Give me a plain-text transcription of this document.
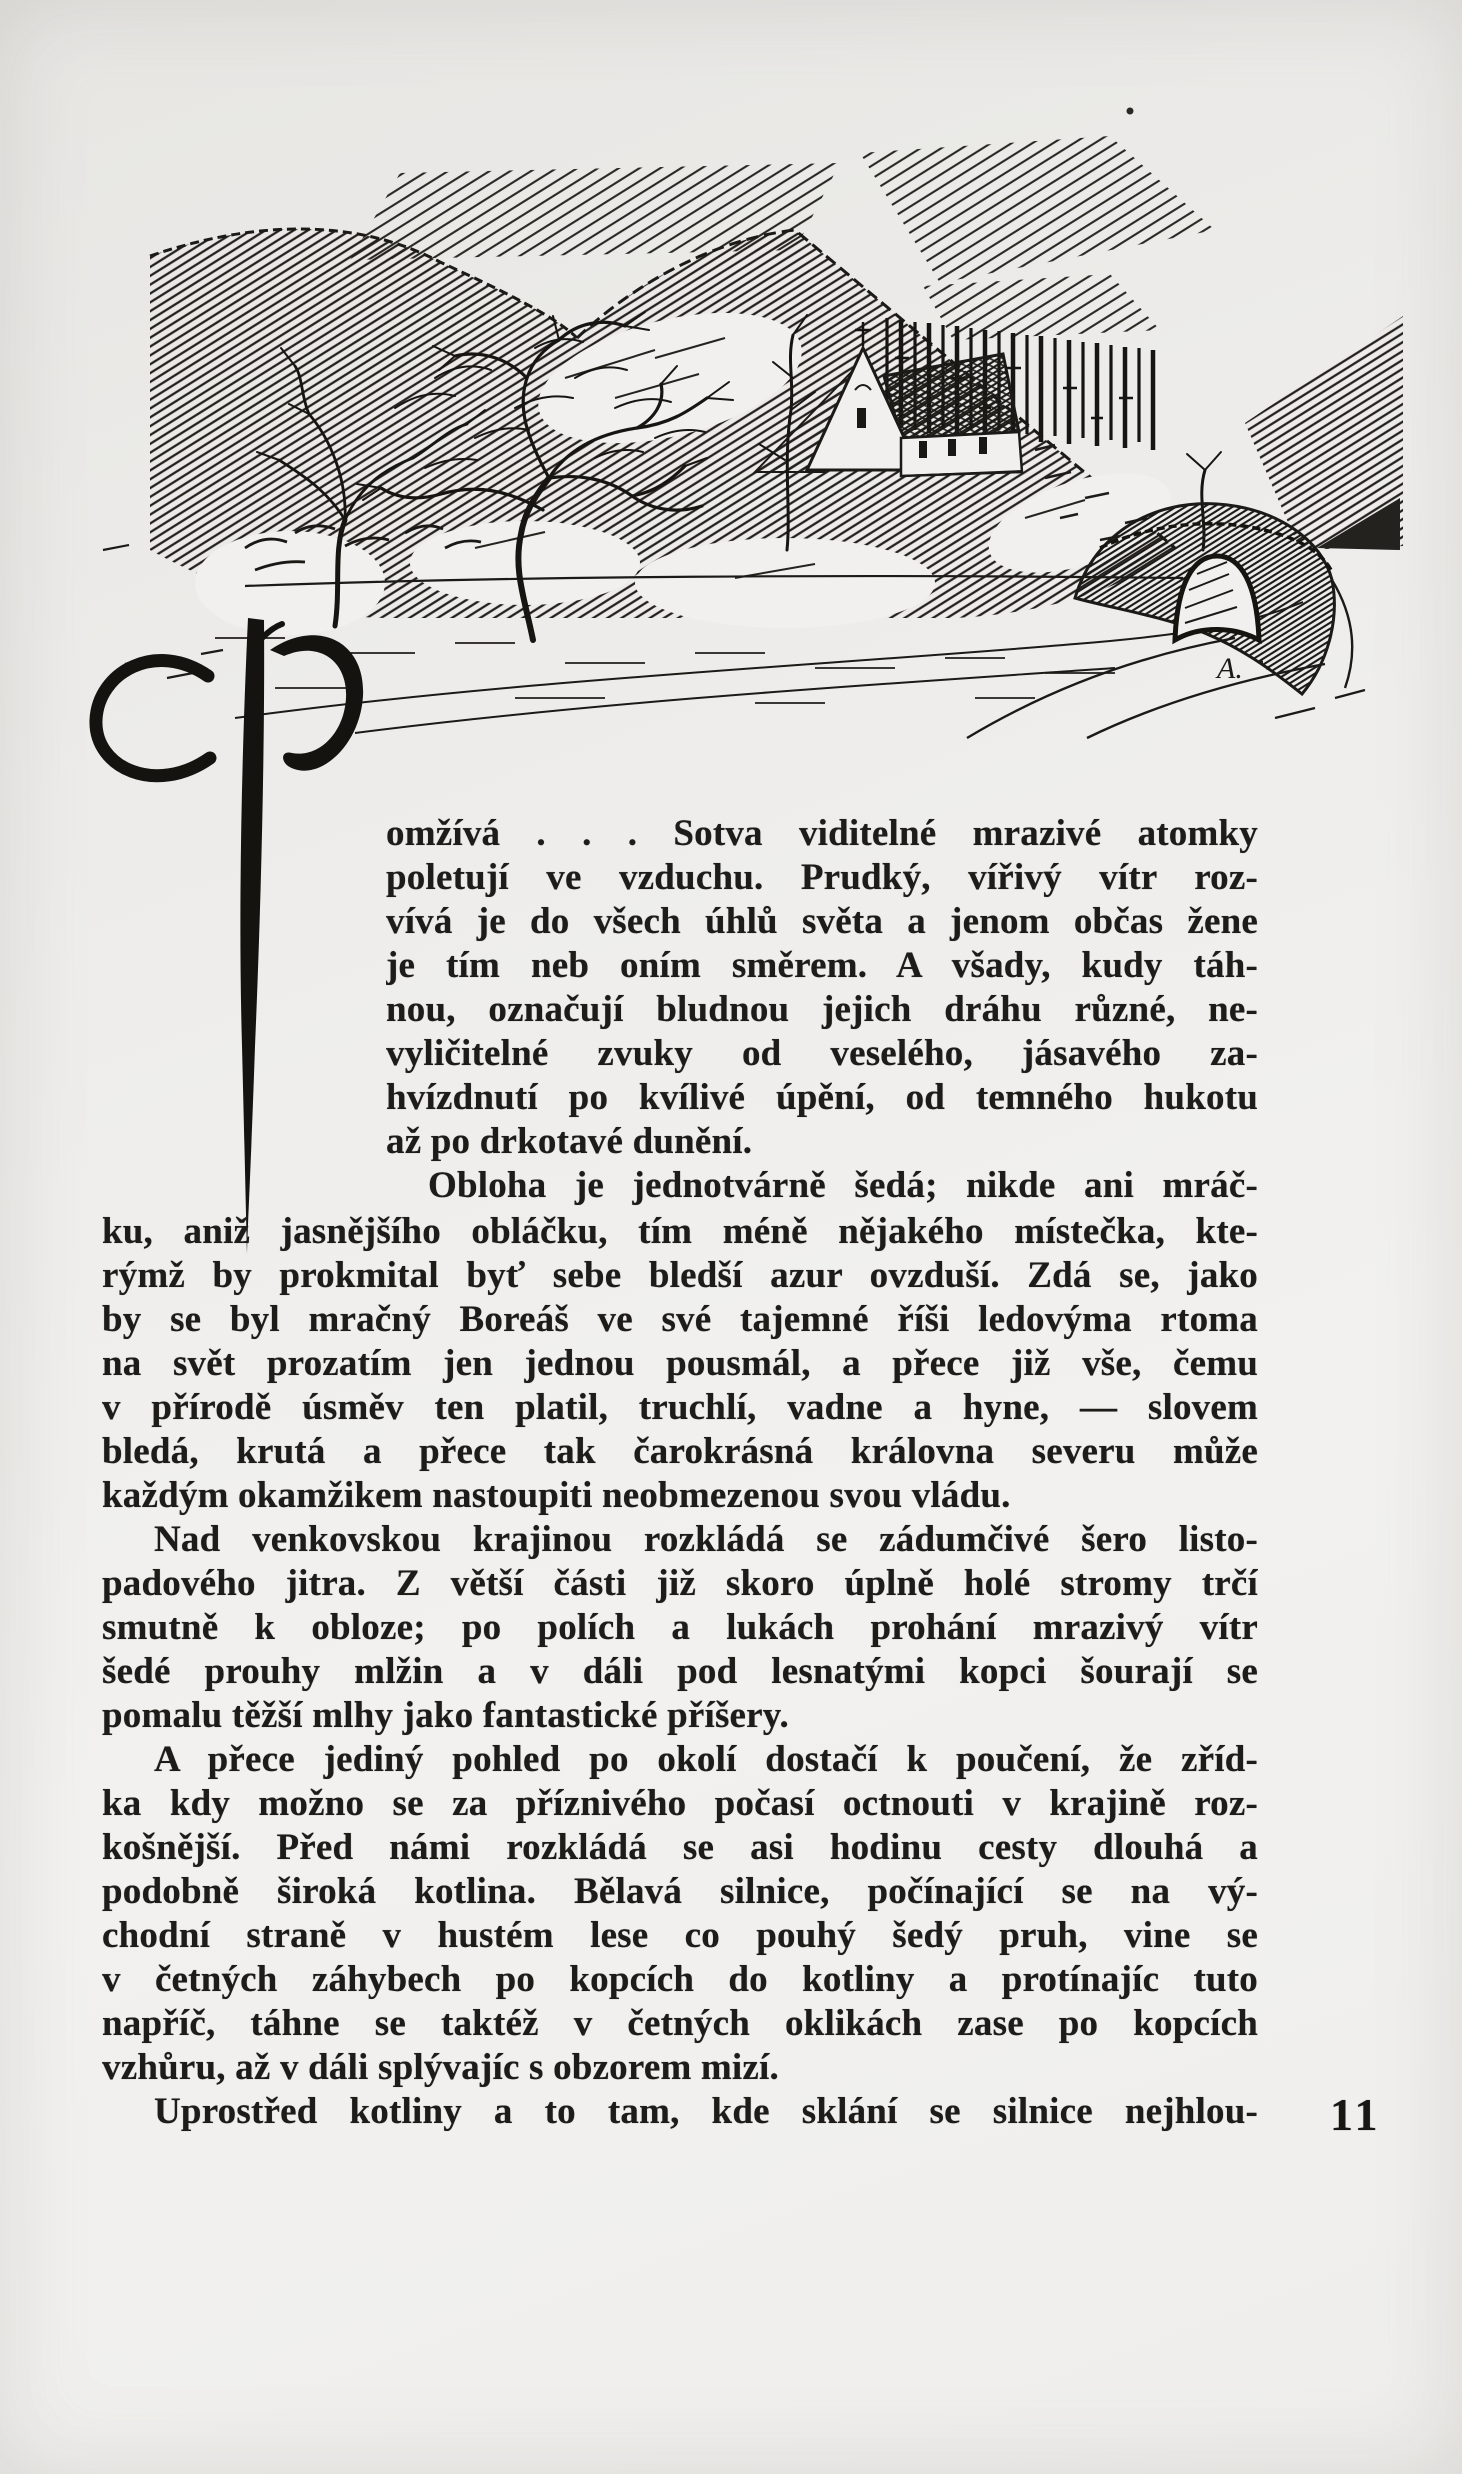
A.
omžívá . . . Sotva viditelné mrazivé atomky
poletují ve vzduchu. Prudký, vířivý vítr roz-
vívá je do všech úhlů světa a jenom občas žene
je tím neb oním směrem. A všady, kudy táh-
nou, označují bludnou jejich dráhu různé, ne-
vyličitelné zvuky od veselého, jásavého za-
hvízdnutí po kvílivé úpění, od temného hukotu
až po drkotavé dunění.
Obloha je jednotvárně šedá; nikde ani mráč-
ku, aniž jasnějšího obláčku, tím méně nějakého místečka, kte-
rýmž by prokmital byť sebe bledší azur ovzduší. Zdá se, jako
by se byl mračný Boreáš ve své tajemné říši ledovýma rtoma
na svět prozatím jen jednou pousmál, a přece již vše, čemu
v přírodě úsměv ten platil, truchlí, vadne a hyne, — slovem
bledá, krutá a přece tak čarokrásná královna severu může
každým okamžikem nastoupiti neobmezenou svou vládu.
Nad venkovskou krajinou rozkládá se zádumčivé šero listo-
padového jitra. Z větší části již skoro úplně holé stromy trčí
smutně k obloze; po polích a lukách prohání mrazivý vítr
šedé prouhy mlžin a v dáli pod lesnatými kopci šourají se
pomalu těžší mlhy jako fantastické příšery.
A přece jediný pohled po okolí dostačí k poučení, že zříd-
ka kdy možno se za příznivého počasí octnouti v krajině roz-
košnější. Před námi rozkládá se asi hodinu cesty dlouhá a
podobně široká kotlina. Bělavá silnice, počínající se na vý-
chodní straně v hustém lese co pouhý šedý pruh, vine se
v četných záhybech po kopcích do kotliny a protínajíc tuto
napříč, táhne se taktéž v četných oklikách zase po kopcích
vzhůru, až v dáli splývajíc s obzorem mizí.
Uprostřed kotliny a to tam, kde sklání se silnice nejhlou- 11
